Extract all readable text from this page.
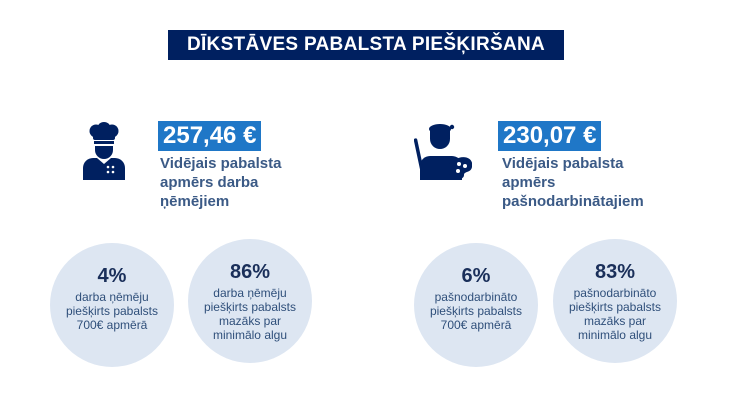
DĪKSTĀVES PABALSTA PIEŠĶIRŠANA
257,46 €
Vidējais pabalsta
apmērs darba
ņēmējiem
4%
darba ņēmēju
piešķirts pabalsts
700€ apmērā
86%
darba ņēmēju
piešķirts pabalsts
mazāks par
minimālo algu
230,07 €
Vidējais pabalsta
apmērs
pašnodarbinātajiem
6%
pašnodarbināto
piešķirts pabalsts
700€ apmērā
83%
pašnodarbināto
piešķirts pabalsts
mazāks par
minimālo algu
